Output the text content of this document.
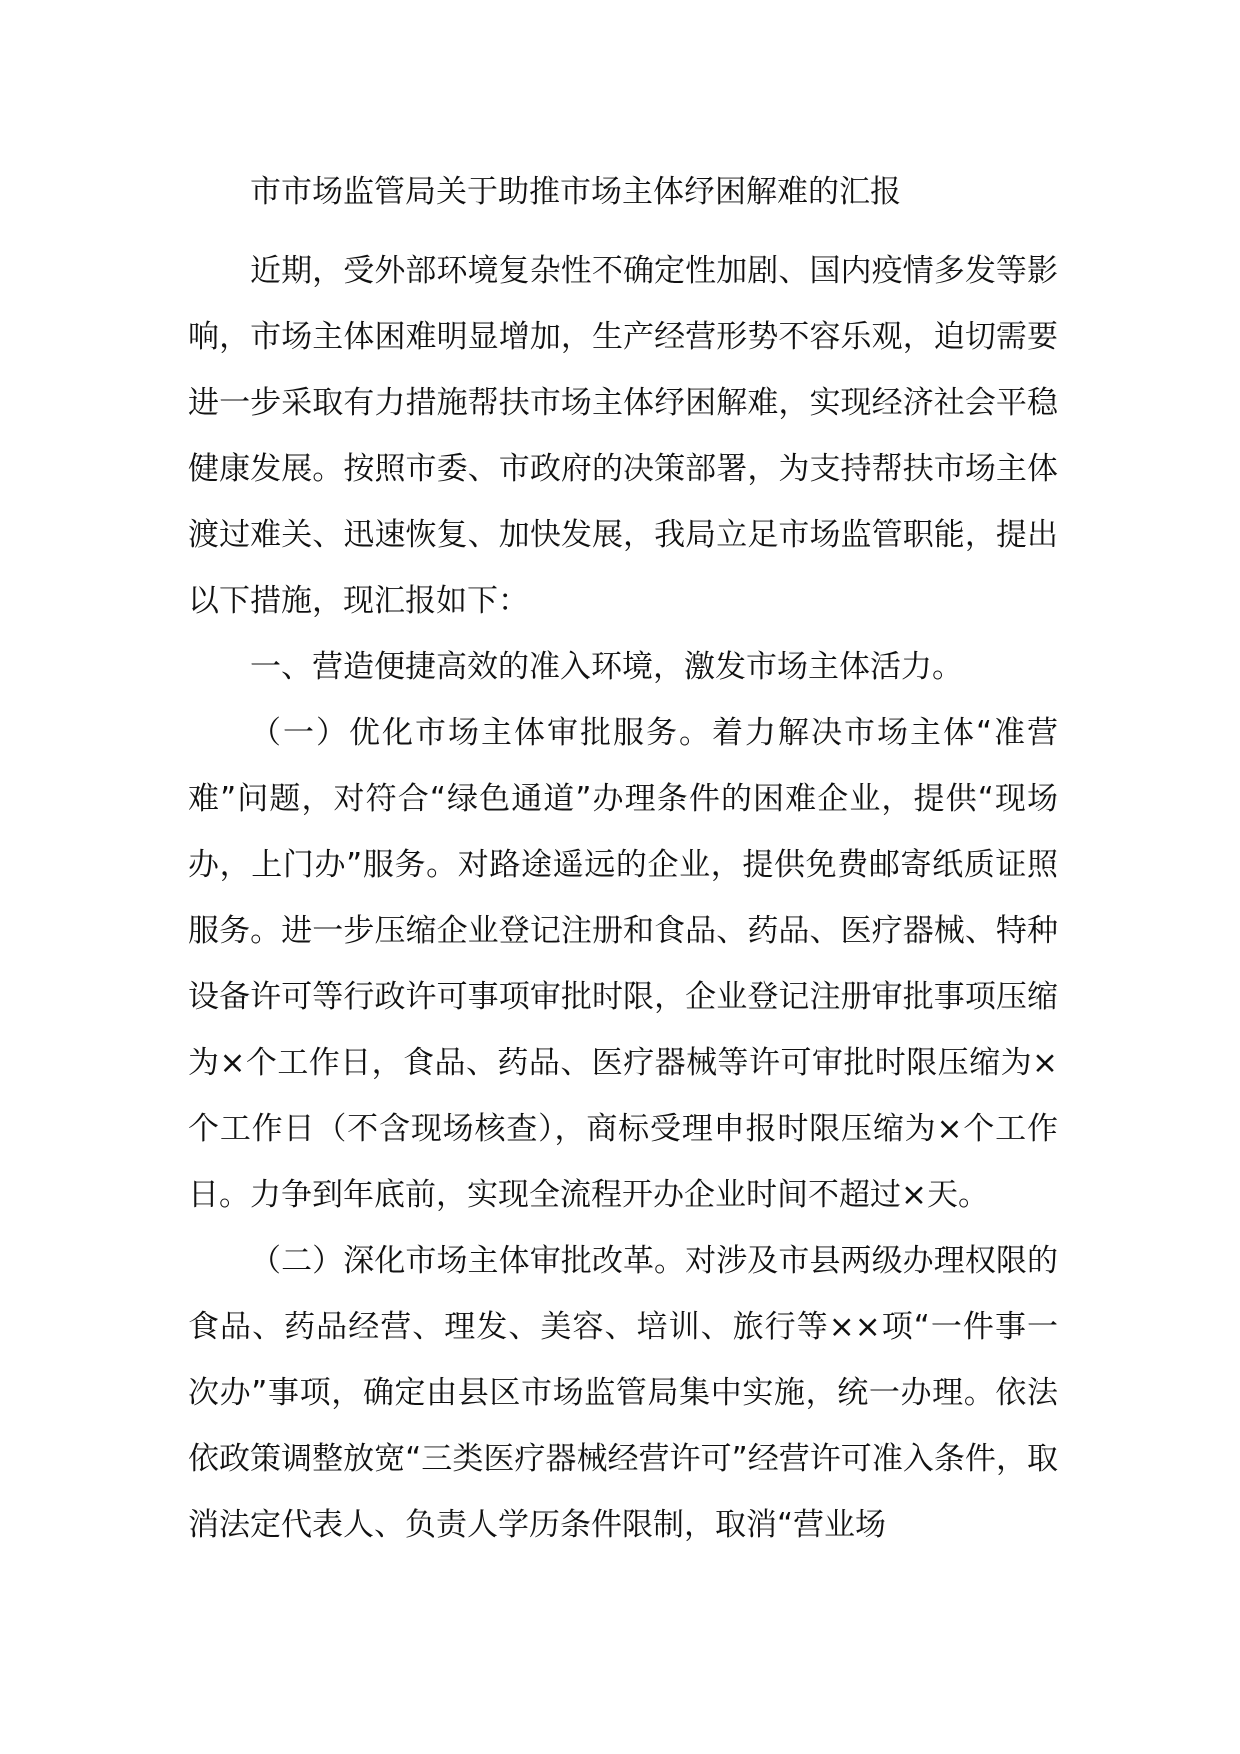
市市场监管局关于助推市场主体纾困解难的汇报

近期，受外部环境复杂性不确定性加剧、国内疫情多发等影响，市场主体困难明显增加，生产经营形势不容乐观，迫切需要进一步采取有力措施帮扶市场主体纾困解难，实现经济社会平稳健康发展。按照市委、市政府的决策部署，为支持帮扶市场主体渡过难关、迅速恢复、加快发展，我局立足市场监管职能，提出以下措施，现汇报如下：

一、营造便捷高效的准入环境，激发市场主体活力。

（一）优化市场主体审批服务。着力解决市场主体“准营难”问题，对符合“绿色通道”办理条件的困难企业，提供“现场办，上门办”服务。对路途遥远的企业，提供免费邮寄纸质证照服务。进一步压缩企业登记注册和食品、药品、医疗器械、特种设备许可等行政许可事项审批时限，企业登记注册审批事项压缩为×个工作日，食品、药品、医疗器械等许可审批时限压缩为×个工作日（不含现场核查），商标受理申报时限压缩为×个工作日。力争到年底前，实现全流程开办企业时间不超过×天。

（二）深化市场主体审批改革。对涉及市县两级办理权限的食品、药品经营、理发、美容、培训、旅行等××项“一件事一次办”事项，确定由县区市场监管局集中实施，统一办理。依法依政策调整放宽“三类医疗器械经营许可”经营许可准入条件，取消法定代表人、负责人学历条件限制，取消“营业场
